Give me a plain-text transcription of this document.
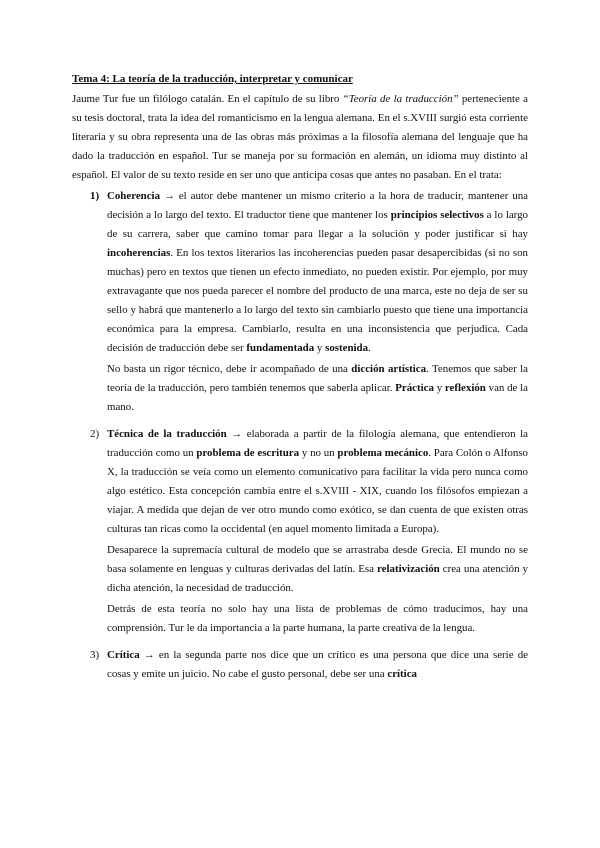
Tema 4: La teoría de la traducción, interpretar y comunicar

Jaume Tur fue un filólogo catalán. En el capítulo de su libro “Teoría de la traducción” perteneciente a su tesis doctoral, trata la idea del romanticismo en la lengua alemana. En el s.XVIII surgió esta corriente literaria y su obra representa una de las obras más próximas a la filosofía alemana del lenguaje que ha dado la traducción en español. Tur se maneja por su formación en alemán, un idioma muy distinto al español. El valor de su texto reside en ser uno que anticipa cosas que antes no pasaban. En el trata:

1) Coherencia → el autor debe mantener un mismo criterio a la hora de traducir, mantener una decisión a lo largo del texto. El traductor tiene que mantener los principios selectivos a lo largo de su carrera, saber que camino tomar para llegar a la solución y poder justificar si hay incoherencias. En los textos literarios las incoherencias pueden pasar desapercibidas (si no son muchas) pero en textos que tienen un efecto inmediato, no pueden existir. Por ejemplo, por muy extravagante que nos pueda parecer el nombre del producto de una marca, este no deja de ser su sello y habrá que mantenerlo a lo largo del texto sin cambiarlo puesto que tiene una importancia económica para la empresa. Cambiarlo, resulta en una inconsistencia que perjudica. Cada decisión de traducción debe ser fundamentada y sostenida.

No basta un rigor técnico, debe ir acompañado de una dicción artística. Tenemos que saber la teoría de la traducción, pero también tenemos que saberla aplicar. Práctica y reflexión van de la mano.

2) Técnica de la traducción → elaborada a partir de la filología alemana, que entendieron la traducción como un problema de escritura y no un problema mecánico. Para Colón o Alfonso X, la traducción se veía como un elemento comunicativo para facilitar la vida pero nunca como algo estético. Esta concepción cambia entre el s.XVIII - XIX, cuando los filósofos empiezan a viajar. A medida que dejan de ver otro mundo como exótico, se dan cuenta de que existen otras culturas tan ricas como la occidental (en aquel momento limitada a Europa).

Desaparece la supremacía cultural de modelo que se arrastraba desde Grecia. El mundo no se basa solamente en lenguas y culturas derivadas del latín. Esa relativización crea una atención y dicha atención, la necesidad de traducción.

Detrás de esta teoría no solo hay una lista de problemas de cómo traducimos, hay una comprensión. Tur le da importancia a la parte humana, la parte creativa de la lengua.

3) Crítica → en la segunda parte nos dice que un crítico es una persona que dice una serie de cosas y emite un juicio. No cabe el gusto personal, debe ser una crítica
